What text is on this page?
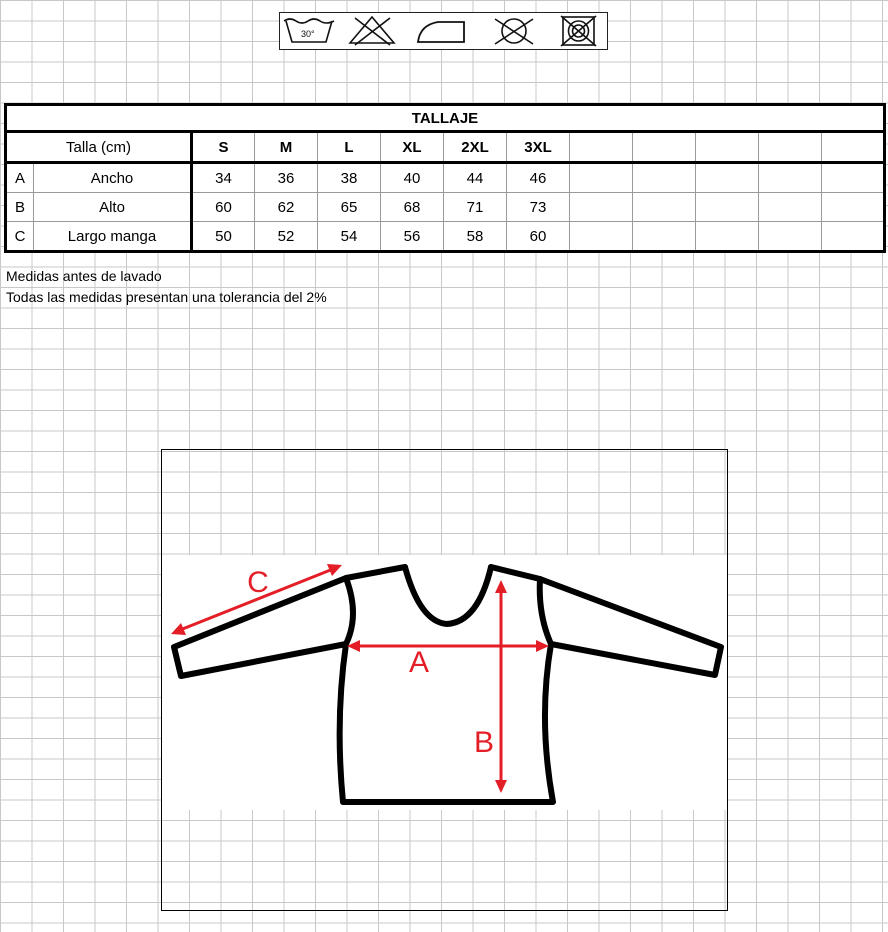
30°
TALLAJE												
Talla (cm)		S	M	L	XL	2XL	3XL					
A	Ancho	34	36	38	40	44	46					
B	Alto	60	62	65	68	71	73					
C	Largo manga	50	52	54	56	58	60					
Medidas antes de lavado
Todas las medidas presentan una tolerancia del 2%
A
B
C
